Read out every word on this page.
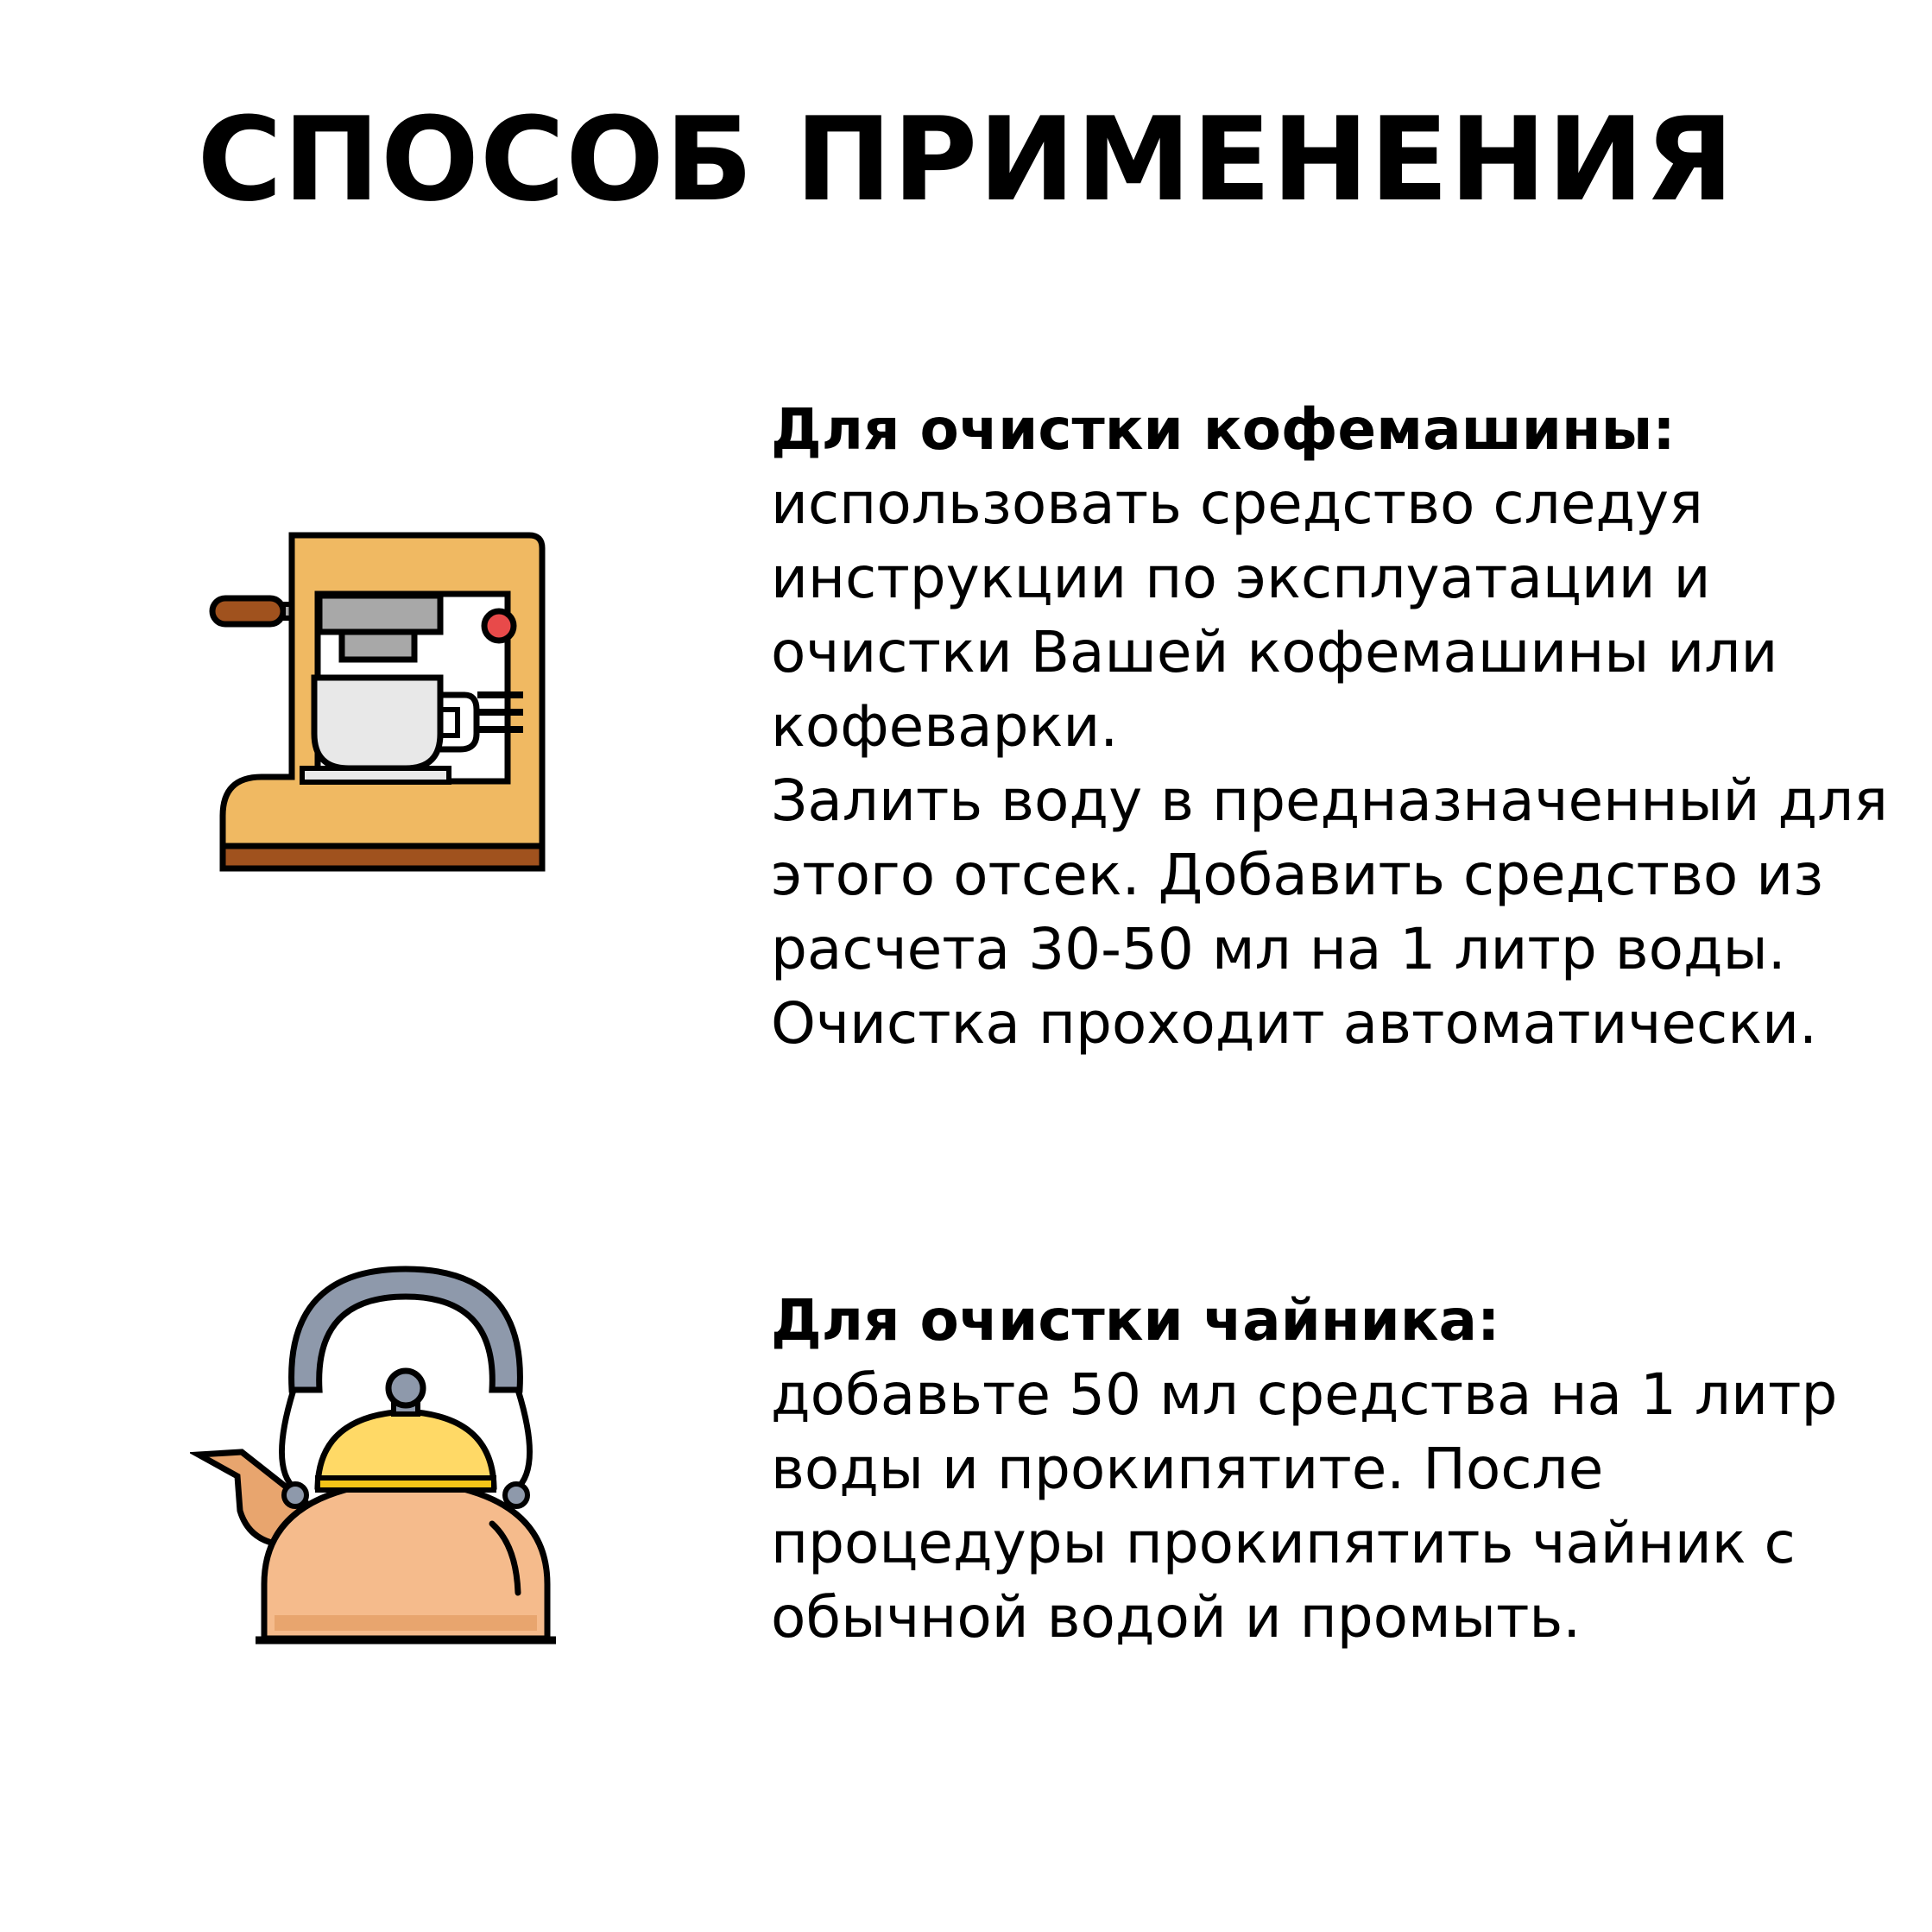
СПОСОБ ПРИМЕНЕНИЯ
Для очистки кофемашины:
использовать средство следуя инструкции по эксплуатации и очистки Вашей кофемашины или кофеварки.
Залить воду в предназначенный для этого отсек. Добавить средство из расчета 30-50 мл на 1 литр воды.
Очистка проходит автоматически.
Для очистки чайника:
добавьте 50 мл средства на 1 литр воды и прокипятите. После процедуры прокипятить чайник с обычной водой и промыть.
